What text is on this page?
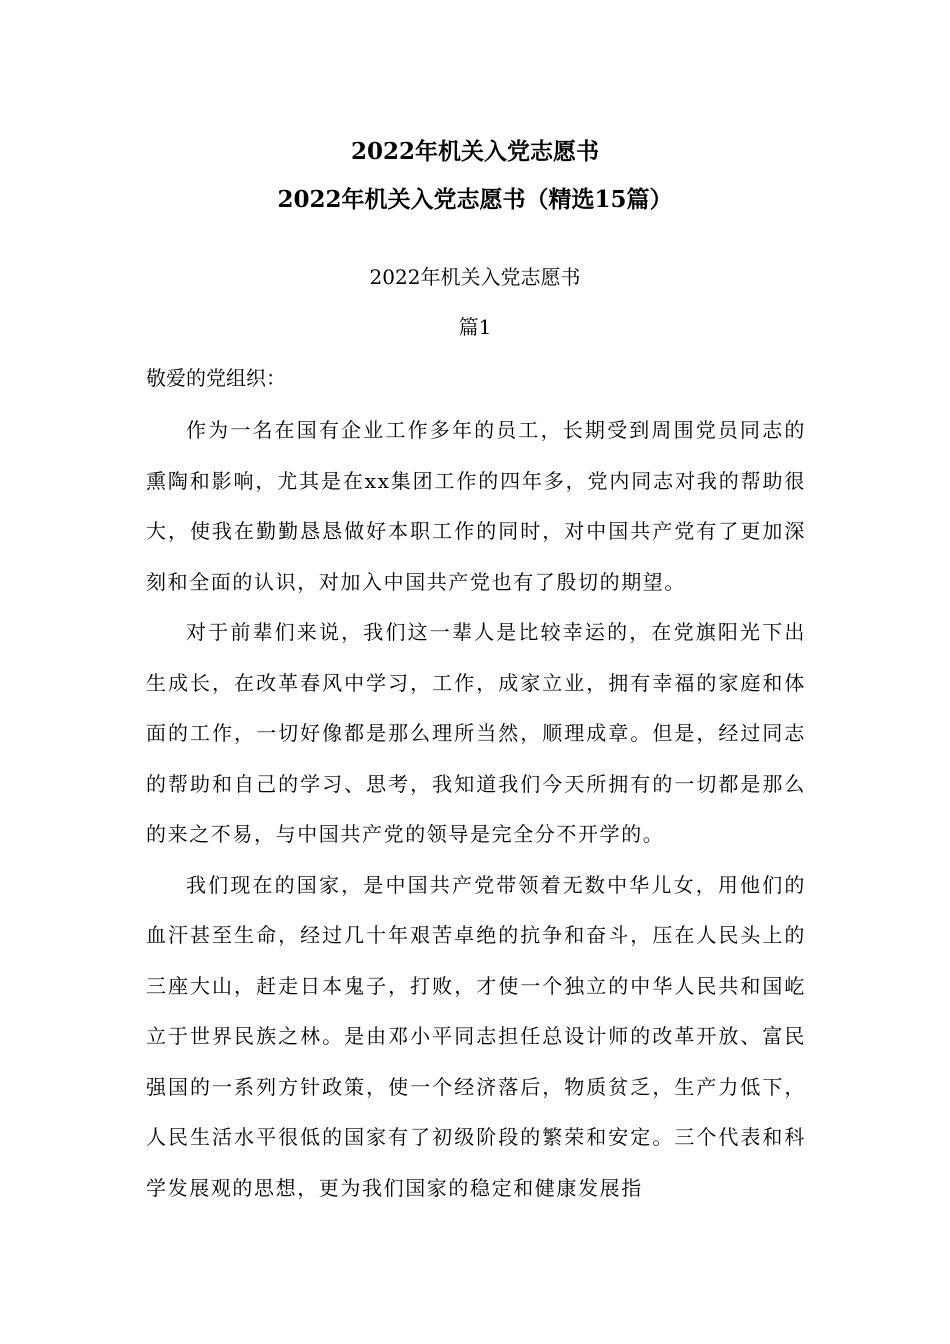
2022年机关入党志愿书
2022年机关入党志愿书（精选15篇）
2022年机关入党志愿书
篇1
敬爱的党组织：

作为一名在国有企业工作多年的员工，长期受到周围党员同志的熏陶和影响，尤其是在xx集团工作的四年多，党内同志对我的帮助很大，使我在勤勤恳恳做好本职工作的同时，对中国共产党有了更加深刻和全面的认识，对加入中国共产党也有了殷切的期望。

对于前辈们来说，我们这一辈人是比较幸运的，在党旗阳光下出生成长，在改革春风中学习，工作，成家立业，拥有幸福的家庭和体面的工作，一切好像都是那么理所当然，顺理成章。但是，经过同志的帮助和自己的学习、思考，我知道我们今天所拥有的一切都是那么的来之不易，与中国共产党的领导是完全分不开学的。

我们现在的国家，是中国共产党带领着无数中华儿女，用他们的血汗甚至生命，经过几十年艰苦卓绝的抗争和奋斗，压在人民头上的三座大山，赶走日本鬼子，打败，才使一个独立的中华人民共和国屹立于世界民族之林。是由邓小平同志担任总设计师的改革开放、富民强国的一系列方针政策，使一个经济落后，物质贫乏，生产力低下，人民生活水平很低的国家有了初级阶段的繁荣和安定。三个代表和科学发展观的思想，更为我们国家的稳定和健康发展指
